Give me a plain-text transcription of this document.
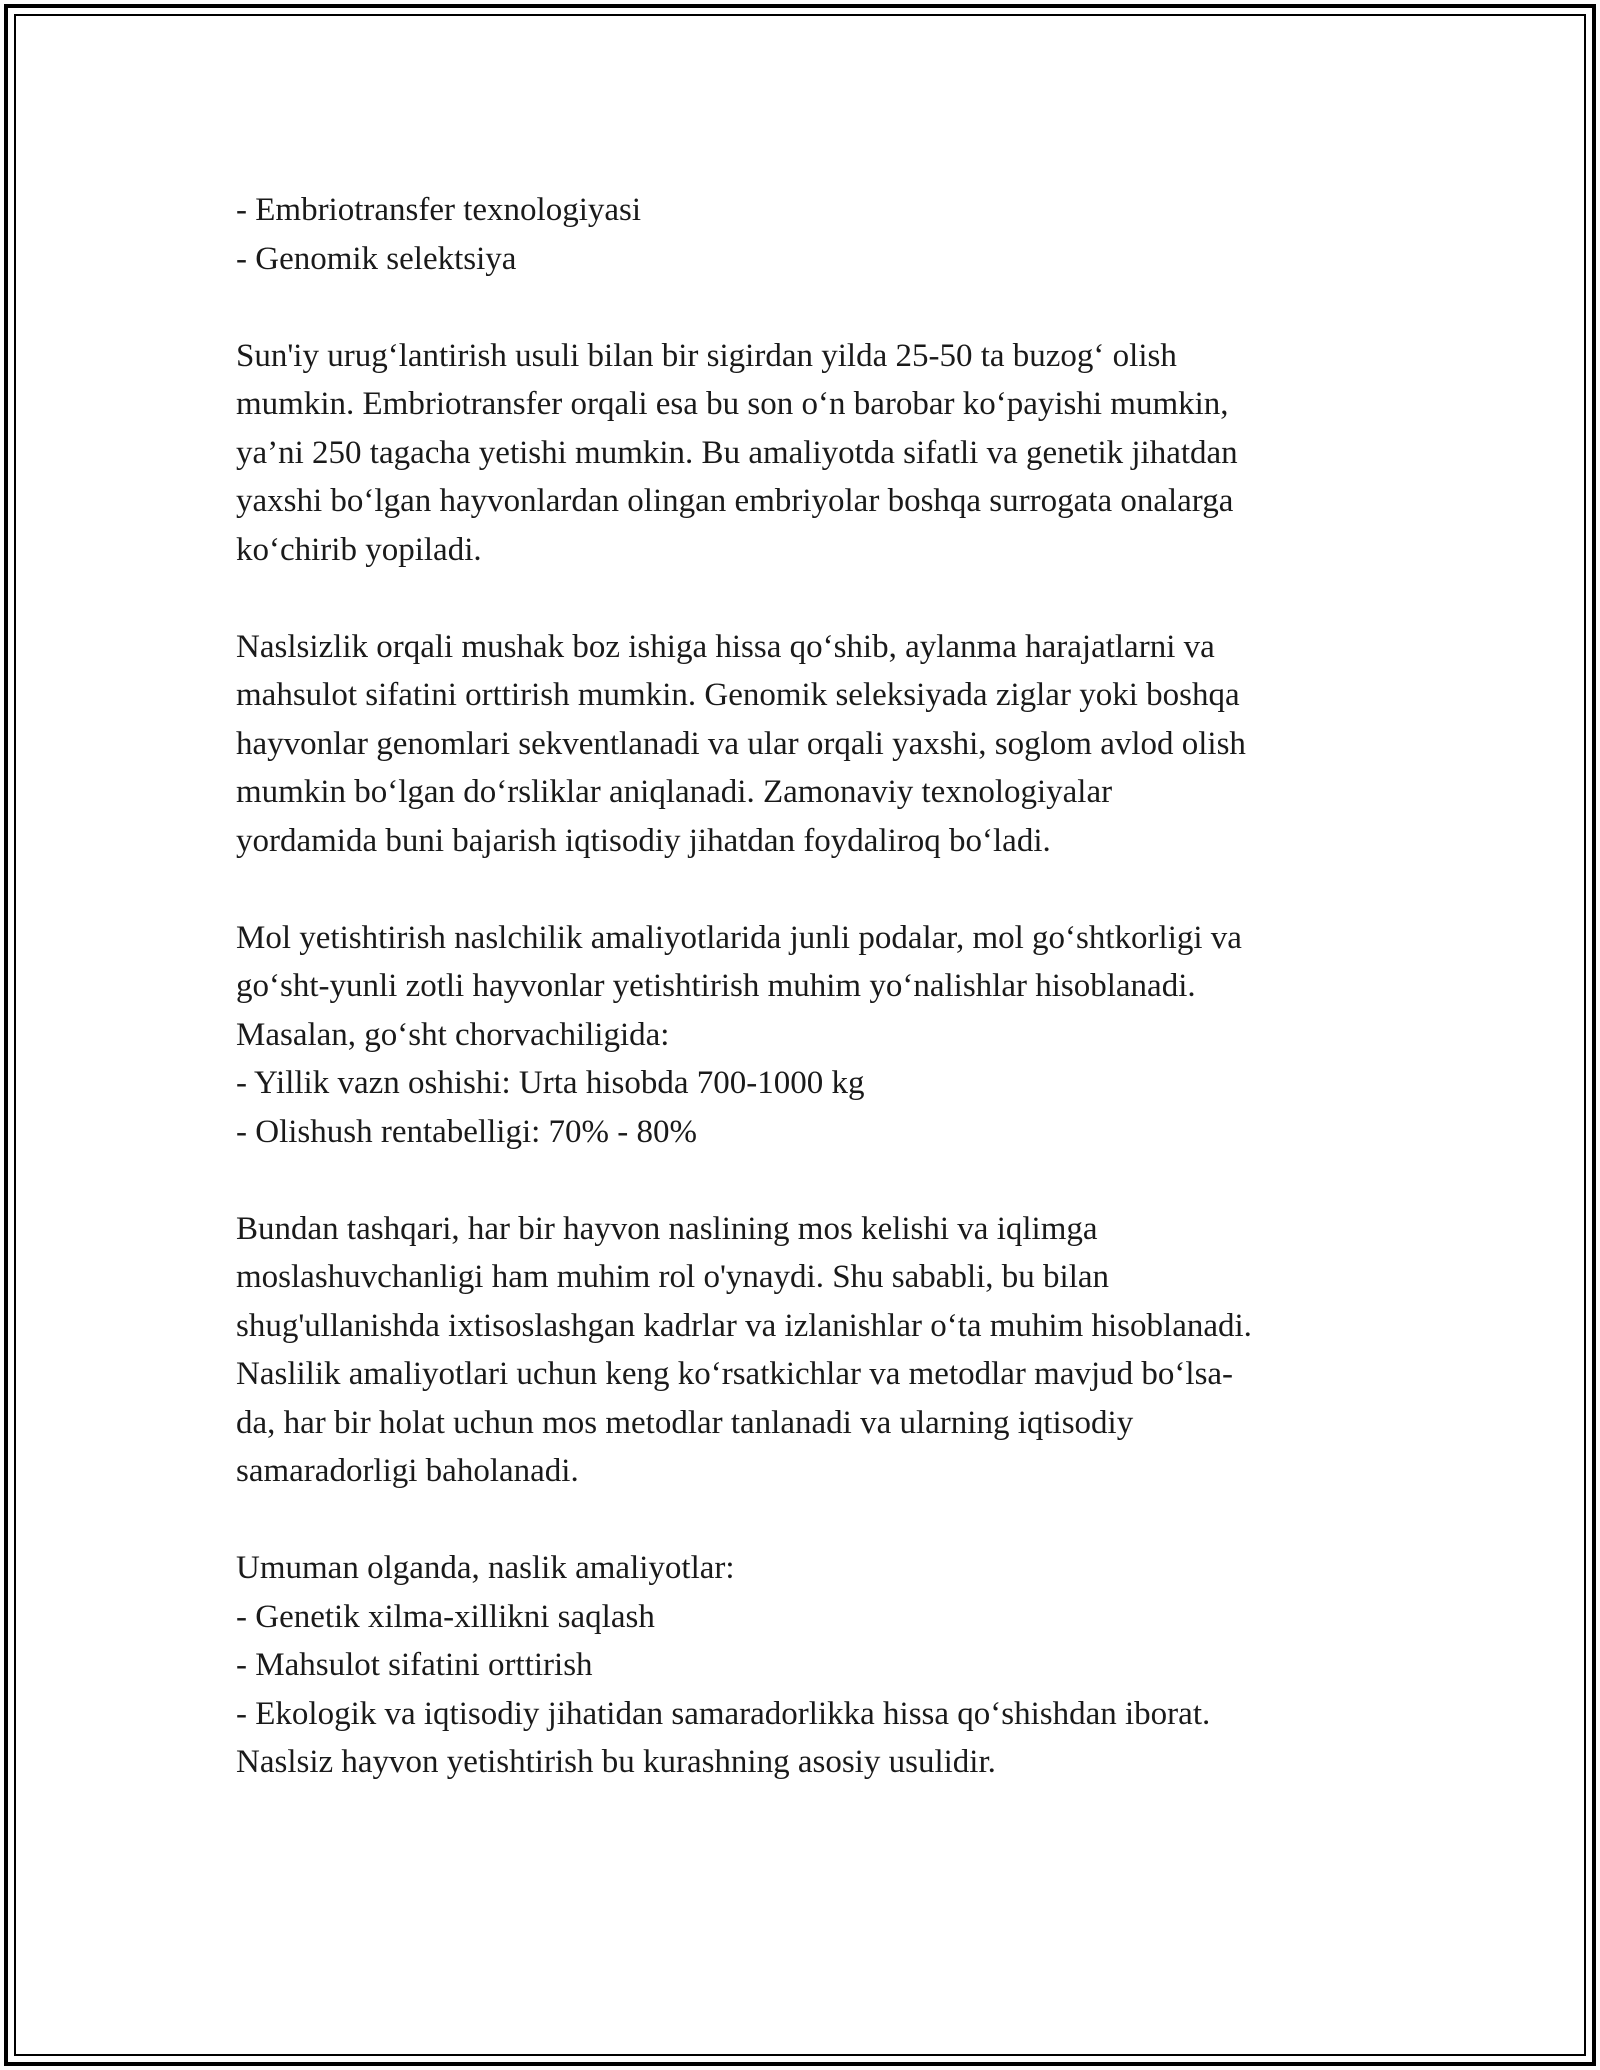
- Embriotransfer texnologiyasi
- Genomik selektsiya
Sun'iy urug‘lantirish usuli bilan bir sigirdan yilda 25-50 ta buzog‘ olish
mumkin. Embriotransfer orqali esa bu son o‘n barobar ko‘payishi mumkin,
ya’ni 250 tagacha yetishi mumkin. Bu amaliyotda sifatli va genetik jihatdan
yaxshi bo‘lgan hayvonlardan olingan embriyolar boshqa surrogata onalarga
ko‘chirib yopiladi.
Naslsizlik orqali mushak boz ishiga hissa qo‘shib, aylanma harajatlarni va
mahsulot sifatini orttirish mumkin. Genomik seleksiyada ziglar yoki boshqa
hayvonlar genomlari sekventlanadi va ular orqali yaxshi, soglom avlod olish
mumkin bo‘lgan do‘rsliklar aniqlanadi. Zamonaviy texnologiyalar
yordamida buni bajarish iqtisodiy jihatdan foydaliroq bo‘ladi.
Mol yetishtirish naslchilik amaliyotlarida junli podalar, mol go‘shtkorligi va
go‘sht-yunli zotli hayvonlar yetishtirish muhim yo‘nalishlar hisoblanadi.
Masalan, go‘sht chorvachiligida:
- Yillik vazn oshishi: Urta hisobda 700-1000 kg
- Olishush rentabelligi: 70% - 80%
Bundan tashqari, har bir hayvon naslining mos kelishi va iqlimga
moslashuvchanligi ham muhim rol o'ynaydi. Shu sababli, bu bilan
shug'ullanishda ixtisoslashgan kadrlar va izlanishlar o‘ta muhim hisoblanadi.
Naslilik amaliyotlari uchun keng ko‘rsatkichlar va metodlar mavjud bo‘lsa-
da, har bir holat uchun mos metodlar tanlanadi va ularning iqtisodiy
samaradorligi baholanadi.
Umuman olganda, naslik amaliyotlar:
- Genetik xilma-xillikni saqlash
- Mahsulot sifatini orttirish
- Ekologik va iqtisodiy jihatidan samaradorlikka hissa qo‘shishdan iborat.
Naslsiz hayvon yetishtirish bu kurashning asosiy usulidir.
